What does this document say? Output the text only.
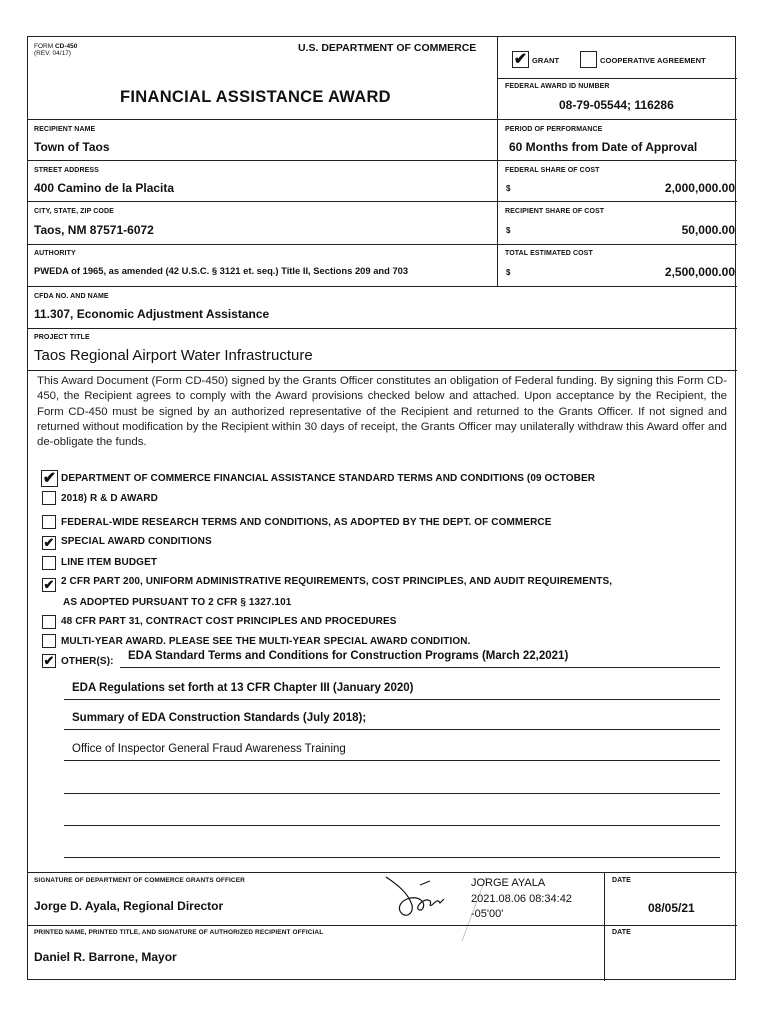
FORM CD-450
(REV. 04/17)	U.S. DEPARTMENT OF COMMERCE
FINANCIAL ASSISTANCE AWARD
✔ GRANT	COOPERATIVE AGREEMENT
FEDERAL AWARD ID NUMBER
08-79-05544; 116286
RECIPIENT NAME
Town of Taos
PERIOD OF PERFORMANCE
60 Months from Date of Approval
STREET ADDRESS
400 Camino de la Placita
FEDERAL SHARE OF COST
$	2,000,000.00
CITY, STATE, ZIP CODE
Taos, NM 87571-6072
RECIPIENT SHARE OF COST
$	50,000.00
AUTHORITY
PWEDA of 1965, as amended (42 U.S.C. § 3121 et. seq.) Title II, Sections 209 and 703
TOTAL ESTIMATED COST
$	2,500,000.00
CFDA NO. AND NAME
11.307, Economic Adjustment Assistance
PROJECT TITLE
Taos Regional Airport Water Infrastructure
This Award Document (Form CD-450) signed by the Grants Officer constitutes an obligation of Federal funding. By signing this Form CD-450, the Recipient agrees to comply with the Award provisions checked below and attached. Upon acceptance by the Recipient, the Form CD-450 must be signed by an authorized representative of the Recipient and returned to the Grants Officer. If not signed and returned without modification by the Recipient within 30 days of receipt, the Grants Officer may unilaterally withdraw this Award offer and de-obligate the funds.
✔ DEPARTMENT OF COMMERCE FINANCIAL ASSISTANCE STANDARD TERMS AND CONDITIONS (09 OCTOBER
2018) R & D AWARD
FEDERAL-WIDE RESEARCH TERMS AND CONDITIONS, AS ADOPTED BY THE DEPT. OF COMMERCE
✔ SPECIAL AWARD CONDITIONS
LINE ITEM BUDGET
✔ 2 CFR PART 200, UNIFORM ADMINISTRATIVE REQUIREMENTS, COST PRINCIPLES, AND AUDIT REQUIREMENTS,
AS ADOPTED PURSUANT TO 2 CFR § 1327.101
48 CFR PART 31, CONTRACT COST PRINCIPLES AND PROCEDURES
MULTI-YEAR AWARD. PLEASE SEE THE MULTI-YEAR SPECIAL AWARD CONDITION.
✔ OTHER(S):	EDA Standard Terms and Conditions for Construction Programs (March 22,2021)
EDA Regulations set forth at 13 CFR Chapter III (January 2020)
Summary of EDA Construction Standards (July 2018);
Office of Inspector General Fraud Awareness Training
SIGNATURE OF DEPARTMENT OF COMMERCE GRANTS OFFICER
Jorge D. Ayala, Regional Director
JORGE AYALA
2021.08.06 08:34:42
-05'00'
DATE
08/05/21
PRINTED NAME, PRINTED TITLE, AND SIGNATURE OF AUTHORIZED RECIPIENT OFFICIAL
Daniel R. Barrone, Mayor
DATE
